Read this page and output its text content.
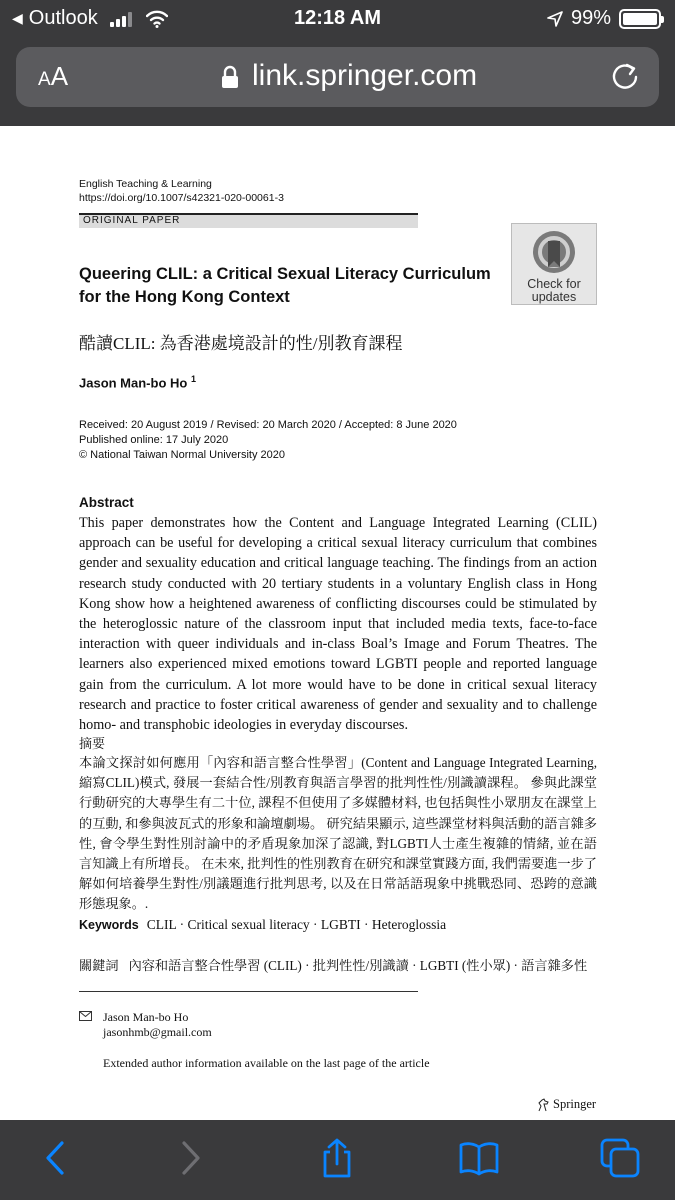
◀ Outlook	12:18 AM	99%
AA	link.springer.com
English Teaching & Learning
https://doi.org/10.1007/s42321-020-00061-3
ORIGINAL PAPER
Check for updates
Queering CLIL: a Critical Sexual Literacy Curriculum for the Hong Kong Context
酷讀CLIL: 為香港處境設計的性/別教育課程
Jason Man-bo Ho $^1$
Received: 20 August 2019 / Revised: 20 March 2020 / Accepted: 8 June 2020
Published online: 17 July 2020
© National Taiwan Normal University 2020
Abstract
This paper demonstrates how the Content and Language Integrated Learning (CLIL) approach can be useful for developing a critical sexual literacy curriculum that combines gender and sexuality education and critical language teaching. The findings from an action research study conducted with 20 tertiary students in a voluntary English class in Hong Kong show how a heightened awareness of conflicting discourses could be stimulated by the heteroglossic nature of the classroom input that included media texts, face-to-face interaction with queer individuals and in-class Boal’s Image and Forum Theatres. The learners also experienced mixed emotions toward LGBTI people and reported language gain from the curriculum. A lot more would have to be done in critical sexual literacy research and practice to foster critical awareness of gender and sexuality and to challenge homo- and transphobic ideologies in everyday discourses.
摘要
本論文探討如何應用「內容和語言整合性學習」(Content and Language Integrated Learning, 縮寫CLIL)模式, 發展一套結合性/別教育與語言學習的批判性性/別識讀課程。 參與此課堂行動研究的大專學生有二十位, 課程不但使用了多媒體材料, 也包括與性小眾朋友在課堂上的互動, 和參與波瓦式的形象和論壇劇場。 研究結果顯示, 這些課堂材料與活動的語言雜多性, 會令學生對性別討論中的矛盾現象加深了認識, 對LGBTI人士產生複雜的情緒, 並在語言知識上有所增長。 在未來, 批判性的性別教育在研究和課堂實踐方面, 我們需要進一步了解如何培養學生對性/別議題進行批判思考, 以及在日常話語現象中挑戰恐同、恐跨的意識形態現象。.
Keywords CLIL · Critical sexual literacy · LGBTI · Heteroglossia
關鍵詞 內容和語言整合性學習 (CLIL) · 批判性性/別識讀 · LGBTI (性小眾) · 語言雜多性
Jason Man-bo Ho
jasonhmb@gmail.com
Extended author information available on the last page of the article
Springer
